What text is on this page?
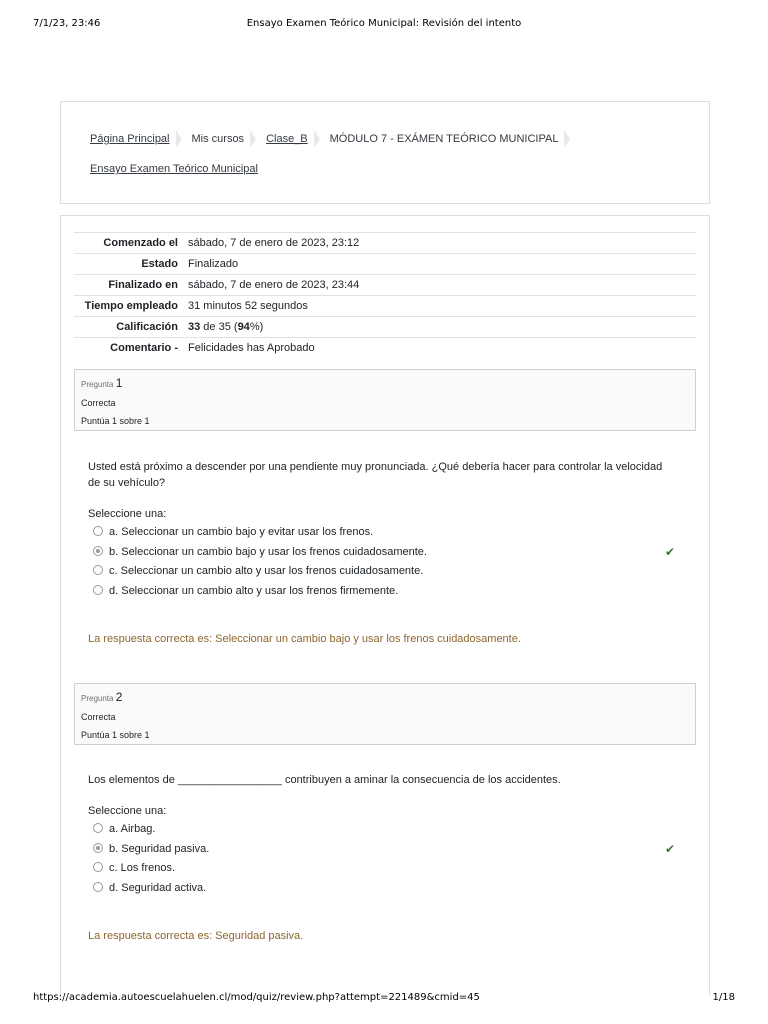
7/1/23, 23:46	Ensayo Examen Teórico Municipal: Revisión del intento
Página Principal Mis cursos Clase_B MÓDULO 7 - EXÁMEN TEÓRICO MUNICIPAL
Ensayo Examen Teórico Municipal
Comenzado el	sábado, 7 de enero de 2023, 23:12
Estado	Finalizado
Finalizado en	sábado, 7 de enero de 2023, 23:44
Tiempo empleado	31 minutos 52 segundos
Calificación	33 de 35 (94%)
Comentario -	Felicidades has Aprobado
Pregunta 1
Correcta
Puntúa 1 sobre 1
Usted está próximo a descender por una pendiente muy pronunciada. ¿Qué debería hacer para controlar la velocidad de su vehículo?
Seleccione una:
a. Seleccionar un cambio bajo y evitar usar los frenos.
b. Seleccionar un cambio bajo y usar los frenos cuidadosamente.	✔
c. Seleccionar un cambio alto y usar los frenos cuidadosamente.
d. Seleccionar un cambio alto y usar los frenos firmemente.
La respuesta correcta es: Seleccionar un cambio bajo y usar los frenos cuidadosamente.
Pregunta 2
Correcta
Puntúa 1 sobre 1
Los elementos de _________________ contribuyen a aminar la consecuencia de los accidentes.
Seleccione una:
a. Airbag.
b. Seguridad pasiva.	✔
c. Los frenos.
d. Seguridad activa.
La respuesta correcta es: Seguridad pasiva.
https://academia.autoescuelahuelen.cl/mod/quiz/review.php?attempt=221489&cmid=45	1/18
